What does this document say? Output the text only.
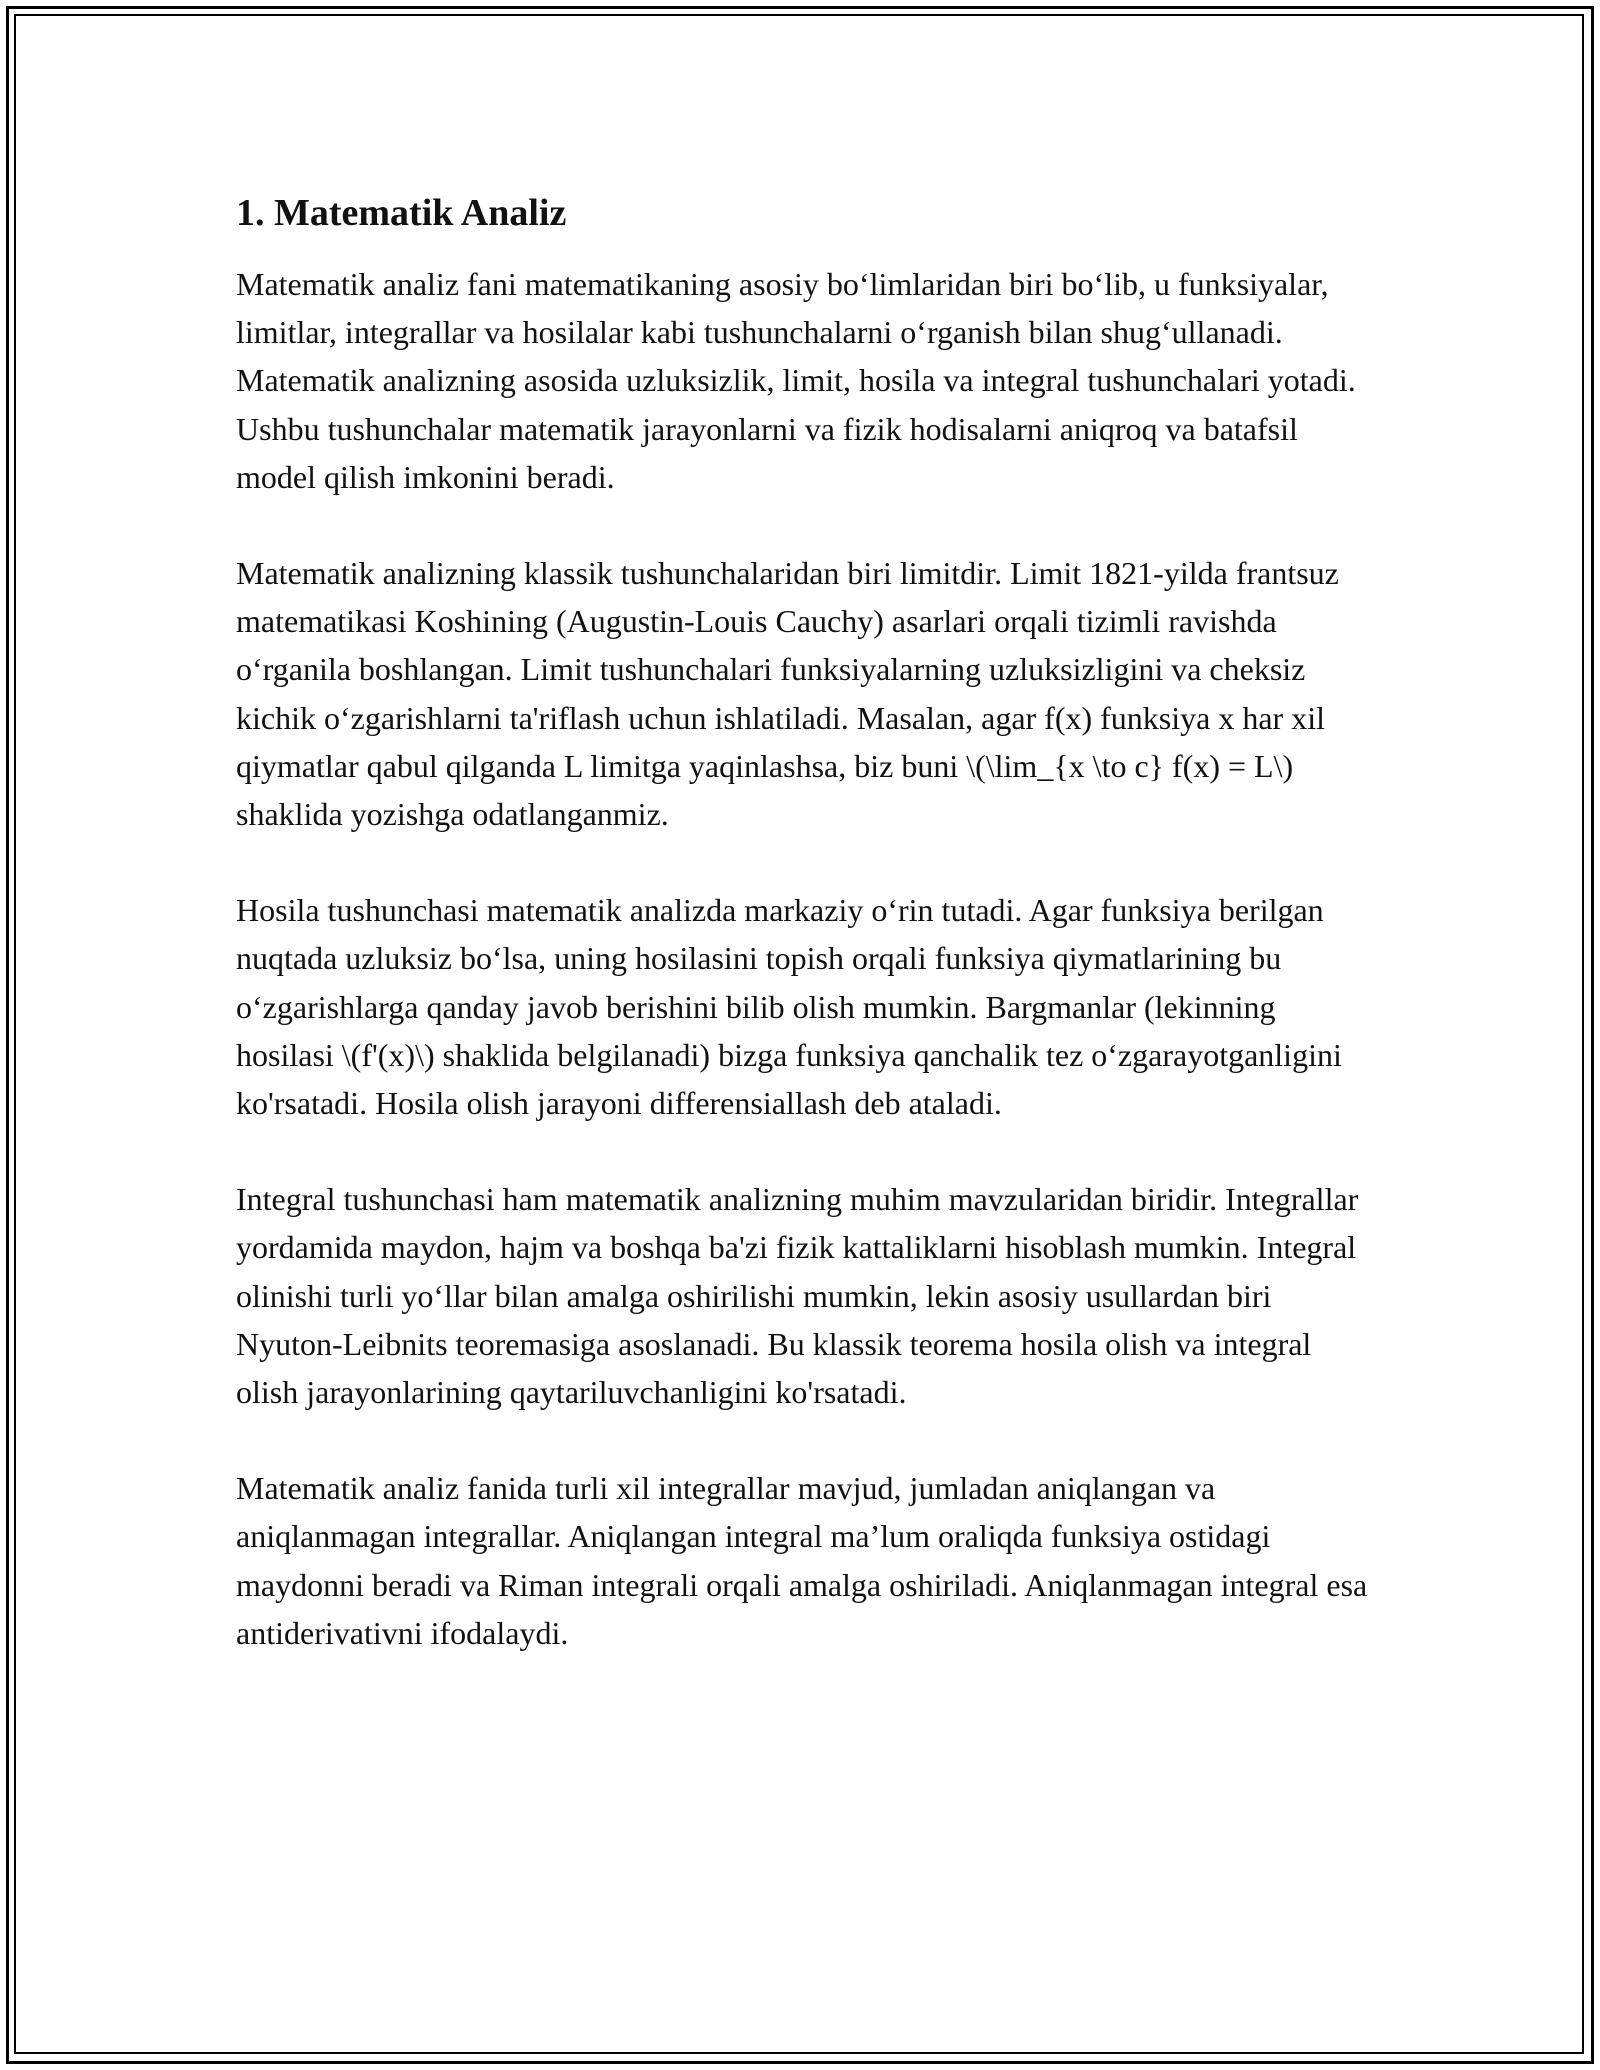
1. Matematik Analiz

Matematik analiz fani matematikaning asosiy bo‘limlaridan biri bo‘lib, u funksiyalar, limitlar, integrallar va hosilalar kabi tushunchalarni o‘rganish bilan shug‘ullanadi. Matematik analizning asosida uzluksizlik, limit, hosila va integral tushunchalari yotadi. Ushbu tushunchalar matematik jarayonlarni va fizik hodisalarni aniqroq va batafsil model qilish imkonini beradi.

Matematik analizning klassik tushunchalaridan biri limitdir. Limit 1821-yilda frantsuz matematikasi Koshining (Augustin-Louis Cauchy) asarlari orqali tizimli ravishda o‘rganila boshlangan. Limit tushunchalari funksiyalarning uzluksizligini va cheksiz kichik o‘zgarishlarni ta'riflash uchun ishlatiladi. Masalan, agar f(x) funksiya x har xil qiymatlar qabul qilganda L limitga yaqinlashsa, biz buni \(\lim_{x \to c} f(x) = L\) shaklida yozishga odatlanganmiz.

Hosila tushunchasi matematik analizda markaziy o‘rin tutadi. Agar funksiya berilgan nuqtada uzluksiz bo‘lsa, uning hosilasini topish orqali funksiya qiymatlarining bu o‘zgarishlarga qanday javob berishini bilib olish mumkin. Bargmanlar (lekinning hosilasi \(f'(x)\) shaklida belgilanadi) bizga funksiya qanchalik tez o‘zgarayotganligini ko'rsatadi. Hosila olish jarayoni differensiallash deb ataladi.

Integral tushunchasi ham matematik analizning muhim mavzularidan biridir. Integrallar yordamida maydon, hajm va boshqa ba'zi fizik kattaliklarni hisoblash mumkin. Integral olinishi turli yo‘llar bilan amalga oshirilishi mumkin, lekin asosiy usullardan biri Nyuton-Leibnits teoremasiga asoslanadi. Bu klassik teorema hosila olish va integral olish jarayonlarining qaytariluvchanligini ko'rsatadi.

Matematik analiz fanida turli xil integrallar mavjud, jumladan aniqlangan va aniqlanmagan integrallar. Aniqlangan integral ma’lum oraliqda funksiya ostidagi maydonni beradi va Riman integrali orqali amalga oshiriladi. Aniqlanmagan integral esa antiderivativni ifodalaydi.
